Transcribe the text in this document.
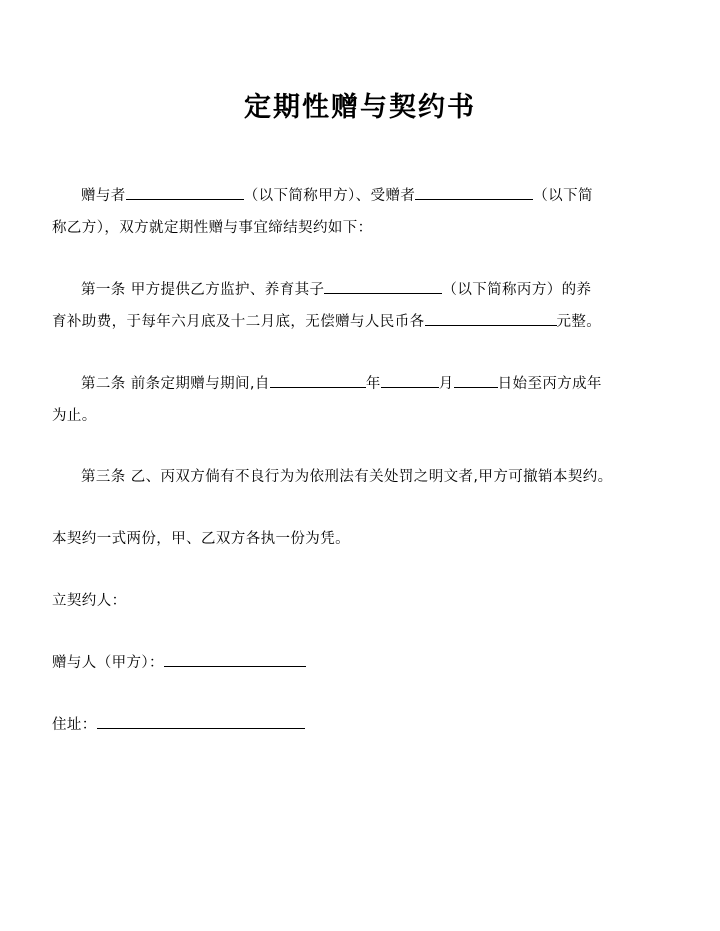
定期性赠与契约书

赠与者	（以下简称甲方）、受赠者	（以下简
称乙方），双方就定期性赠与事宜缔结契约如下：

第一条 甲方提供乙方监护、养育其子	（以下简称丙方）的养
育补助费，于每年六月底及十二月底，无偿赠与人民币各	元整。

第二条 前条定期赠与期间,自	年	月	日始至丙方成年
为止。

第三条 乙、丙双方倘有不良行为为依刑法有关处罚之明文者,甲方可撤销本契约。

本契约一式两份，甲、乙双方各执一份为凭。

立契约人：

赠与人（甲方）：

住址：
